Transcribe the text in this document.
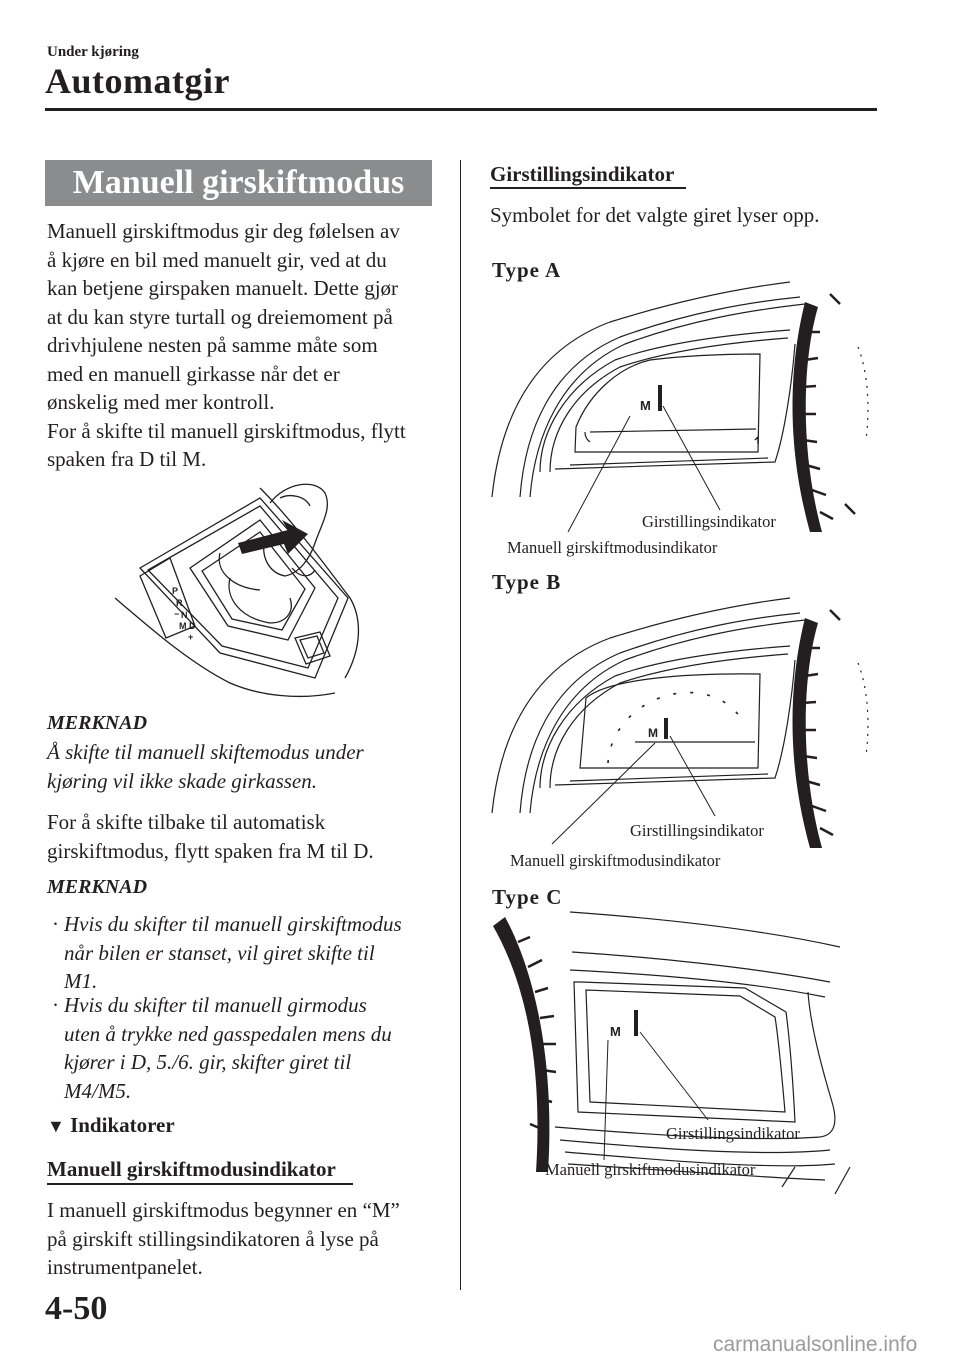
Under kjøring
Automatgir
Manuell girskiftmodus
Manuell girskiftmodus gir deg følelsen av
å kjøre en bil med manuelt gir, ved at du
kan betjene girspaken manuelt. Dette gjør
at du kan styre turtall og dreiemoment på
drivhjulene nesten på samme måte som
med en manuell girkasse når det er
ønskelig med mer kontroll.
For å skifte til manuell girskiftmodus, flytt
spaken fra D til M.
P
R
N
D
M
−
+
MERKNAD
Å skifte til manuell skiftemodus under
kjøring vil ikke skade girkassen.
For å skifte tilbake til automatisk
girskiftmodus, flytt spaken fra M til D.
MERKNAD
· Hvis du skifter til manuell girskiftmodus
når bilen er stanset, vil giret skifte til
M1.
· Hvis du skifter til manuell girmodus
uten å trykke ned gasspedalen mens du
kjører i D, 5./6. gir, skifter giret til
M4/M5.
▼ Indikatorer
Manuell girskiftmodusindikator
I manuell girskiftmodus begynner en “M”
på girskift stillingsindikatoren å lyse på
instrumentpanelet.
Girstillingsindikator
Symbolet for det valgte giret lyser opp.
Type A
M
Girstillingsindikator
Manuell girskiftmodusindikator
Type B
M
Girstillingsindikator
Manuell girskiftmodusindikator
Type C
M
Girstillingsindikator
Manuell girskiftmodusindikator
4-50
carmanualsonline.info
